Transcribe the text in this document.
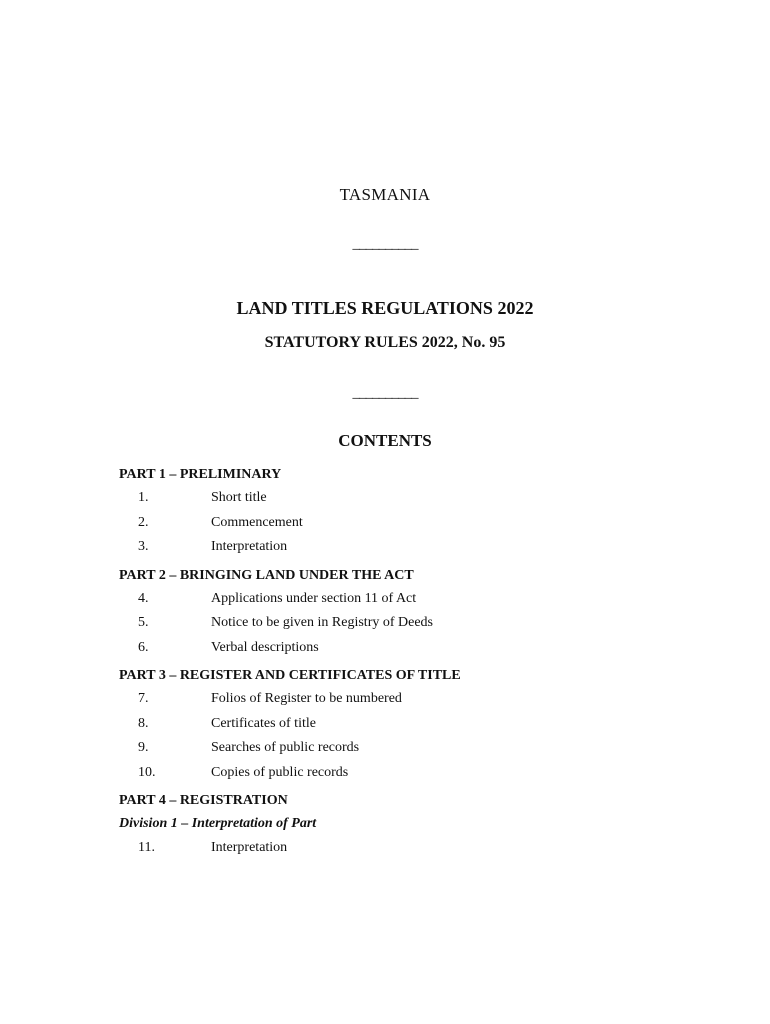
TASMANIA
__________
LAND TITLES REGULATIONS 2022
STATUTORY RULES 2022, No. 95
__________
CONTENTS
PART 1 – PRELIMINARY
1.	Short title
2.	Commencement
3.	Interpretation
PART 2 – BRINGING LAND UNDER THE ACT
4.	Applications under section 11 of Act
5.	Notice to be given in Registry of Deeds
6.	Verbal descriptions
PART 3 – REGISTER AND CERTIFICATES OF TITLE
7.	Folios of Register to be numbered
8.	Certificates of title
9.	Searches of public records
10.	Copies of public records
PART 4 – REGISTRATION
Division 1 – Interpretation of Part
11.	Interpretation
